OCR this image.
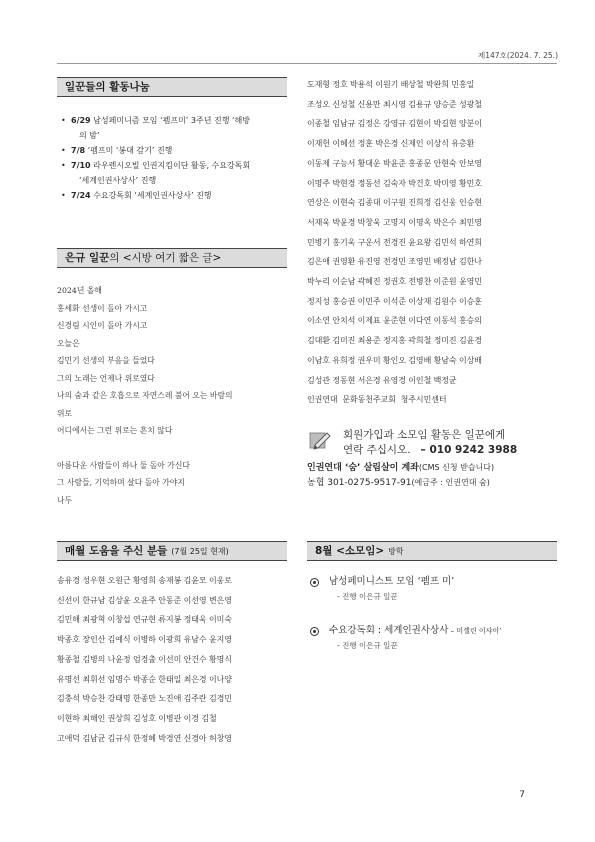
제147호(2024. 7. 25.)
일꾼들의 활동나눔
• 6/29 남성페미니즘 모임 ‘펨프미’ 3주년 진행 ‘해방
의 밤’
• 7/8 ‘펨프미 ‘봉대 감기’ 진행
• 7/10 라우렌시오빌 인권지킴이단 활동, 수요강독회
‘세계인권사상사’ 진행
• 7/24 수요강독회 ‘세계인권사상사’ 진행
은규 일꾼의 <시방 여기 짧은 글>
2024년 올해
홍세화 선생이 돌아 가시고
신경림 시인이 돌아 가시고
오늘은
김민기 선생의 부음을 들었다
그의 노래는 언제나 위로였다
나의 숨과 같은 호흡으로 자연스레 불어 오는 바람의
위로
어디에서는 그런 위로는 흔치 않다
아름다운 사람들이 하나 둘 돌아 가신다
그 사람들, 기억하며 살다 돌아 가야지
나두
매월 도움을 주신 분들 (7월 25일 현재)
송유경 성우현 오원근 황영희 송재봉 김윤모 이웅로
신선이 한규남 김상윤 오윤주 안동준 이선영 변은영
김민해 최광혁 이창섭 연규현 류지봉 정태욱 이미숙
박종호 장인산 김예식 이병하 이광희 유남수 윤지영
황종철 김병의 나윤정 엄경출 이선미 안건수 황명식
유명선 최휘선 임명수 박종순 한태일 최은경 이나양
김충석 박승찬 강태명 한종만 노진애 김주란 김경민
이현하 최해인 권상희 김성호 이병관 이경 김철
고애덕 김남균 김규식 한정혜 박경연 신경아 허창영
도재형 정호 박용석 이원기 배상철 박완희 민홍일
조성오 신성철 신용만 최시영 김용규 양승준 성광철
이종철 임남규 김정은 강영규 김현이 박길현 양분이
이재헌 이혜선 정훈 박은경 신제인 이상식 유층환
이동제 구능서 황대운 박윤준 홍종문 안현숙 안보영
이명주 박현경 정동선 김숙자 박건호 박미영 황민호
연상은 이현숙 김종대 이구원 진희정 김신웅 인승현
서재욱 박윤경 박창욱 고명지 이명옥 박은수 최민영
민병기 홍기욱 구운서 전경진 윤요왕 김민석 하연희
김은애 권영환 유진영 전경민 조영민 배정남 김한나
박누리 이순남 곽혜진 정권호 전병찬 이준원 윤영민
정지성 홍승권 이민주 이석준 이상재 김원수 이승훈
이소연 안치석 이제표 윤준현 이다연 이동석 홍승의
김대환 김미진 최용준 정지홍 곽희철 정미진 김윤경
이남호 유희정 권우미 황인오 김영배 황남숙 이상배
김성관 정동현 서은경 유영경 이인철 백정균
인권연대  문화동천주교회  청주시민센터
회원가입과 소모임 활동은 일꾼에게
연락 주십시오. – 010 9242 3988
인권연대 ‘숨’ 살림살이 계좌(CMS 신청 받습니다)
농협 301-0275-9517-91(예금주 : 인권연대 숨)
8월 <소모임> 방학
남성페미니스트 모임 ‘펨프 미’
- 진행 이은규 일꾼
수요강독회 : 세계인권사상사 – 미셸린 이샤이’
- 진행 이은규 일꾼
7
